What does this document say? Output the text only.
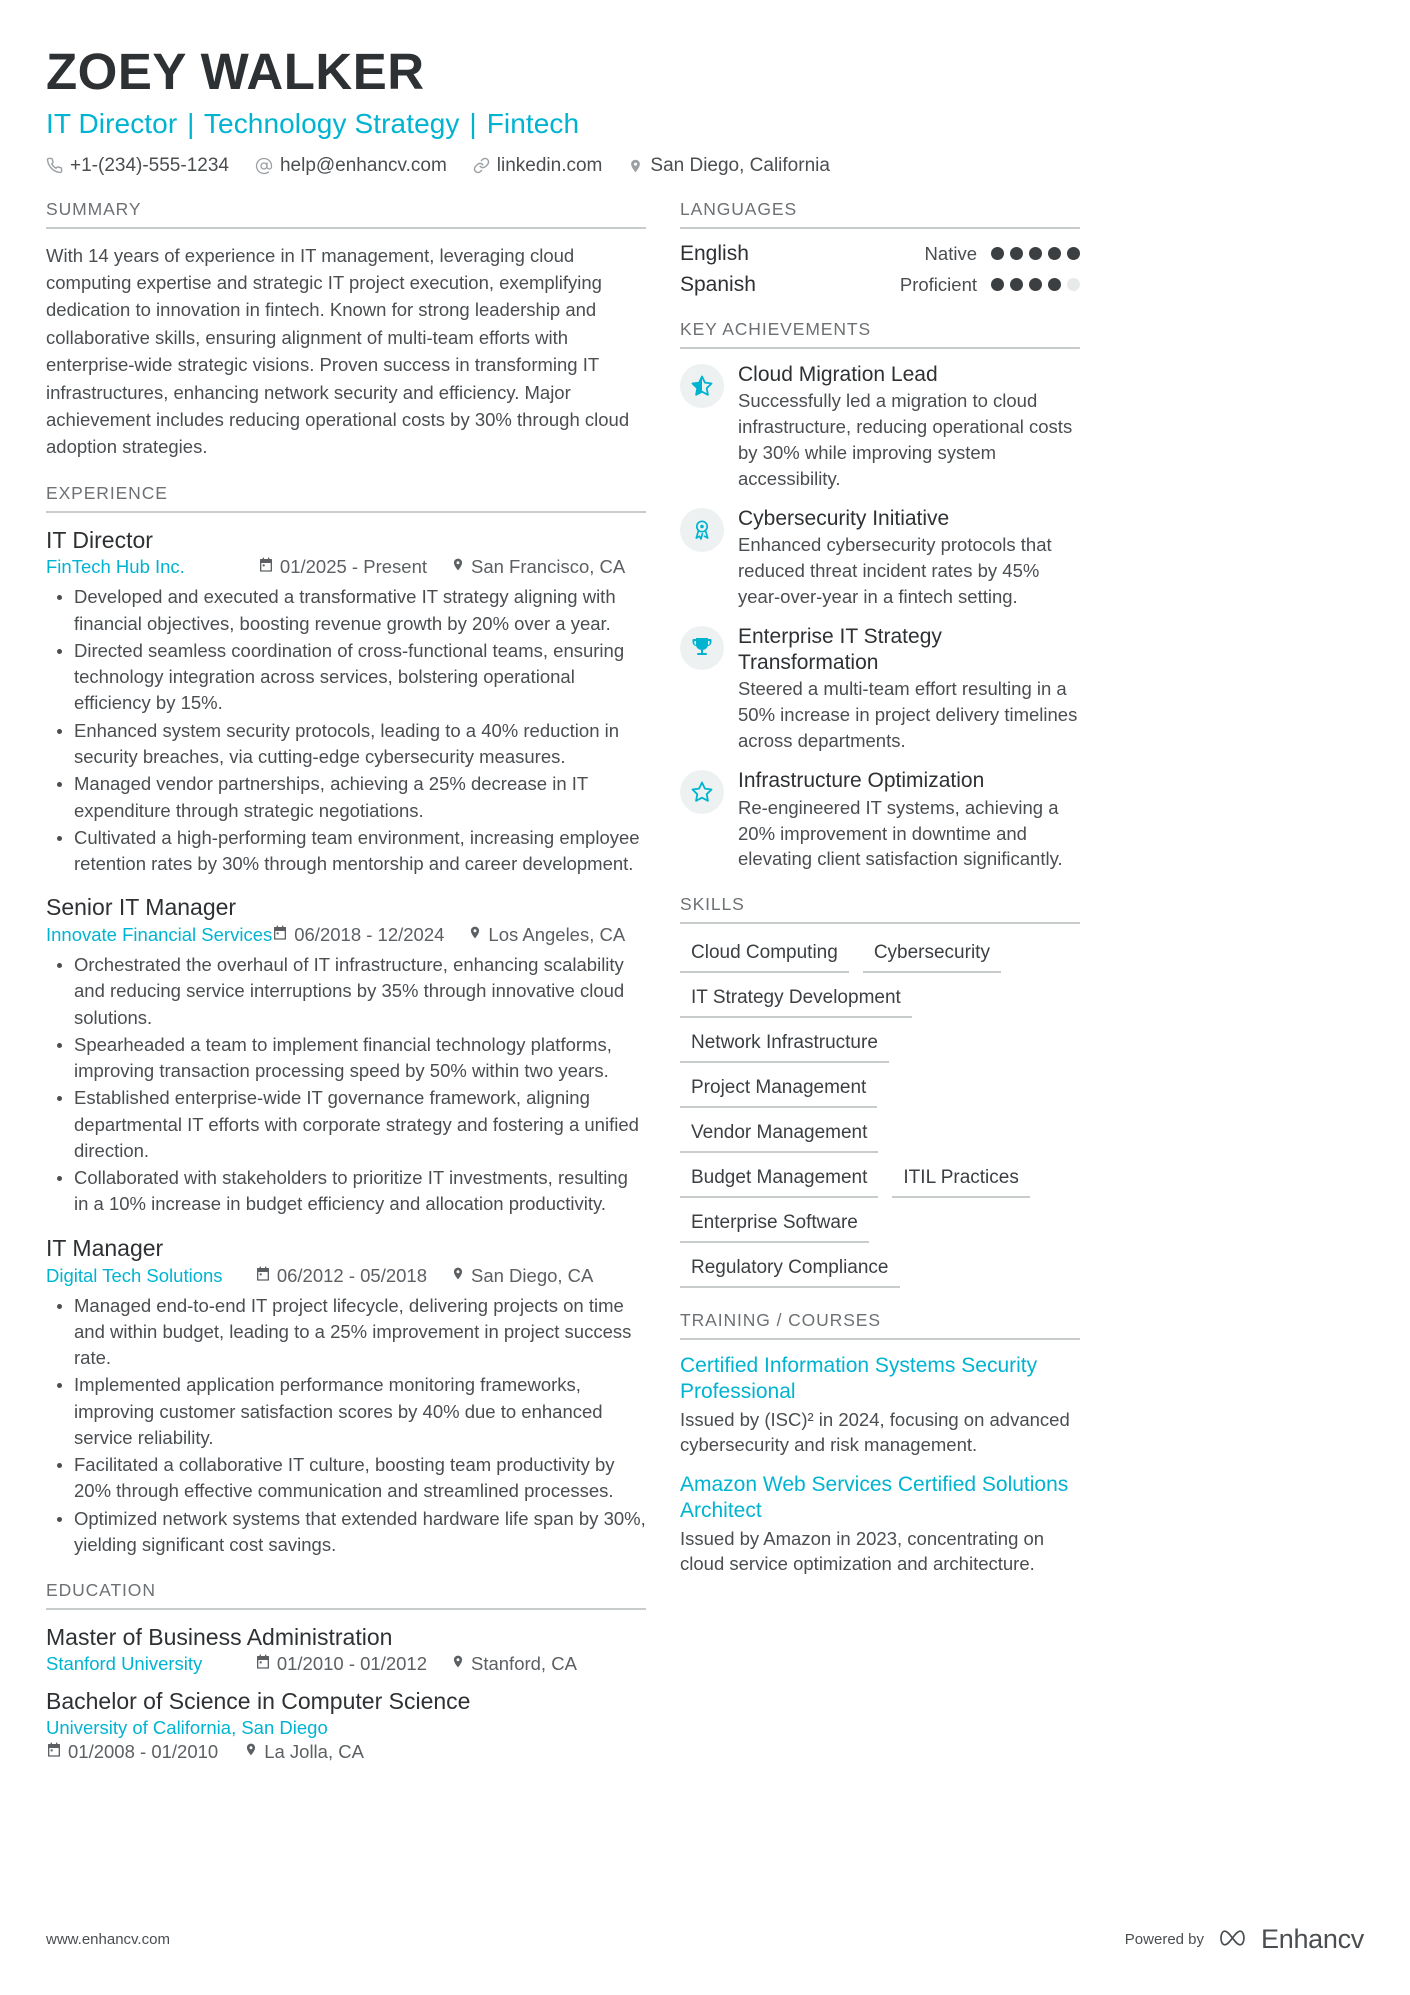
ZOEY WALKER
IT Director | Technology Strategy | Fintech
+1-(234)-555-1234	help@enhancv.com	linkedin.com	San Diego, California
SUMMARY
With 14 years of experience in IT management, leveraging cloud computing expertise and strategic IT project execution, exemplifying dedication to innovation in fintech. Known for strong leadership and collaborative skills, ensuring alignment of multi-team efforts with enterprise-wide strategic visions. Proven success in transforming IT infrastructures, enhancing network security and efficiency. Major achievement includes reducing operational costs by 30% through cloud adoption strategies.
EXPERIENCE
IT Director
FinTech Hub Inc.	01/2025 - Present San Francisco, CA
Developed and executed a transformative IT strategy aligning with financial objectives, boosting revenue growth by 20% over a year.
Directed seamless coordination of cross-functional teams, ensuring technology integration across services, bolstering operational efficiency by 15%.
Enhanced system security protocols, leading to a 40% reduction in security breaches, via cutting-edge cybersecurity measures.
Managed vendor partnerships, achieving a 25% decrease in IT expenditure through strategic negotiations.
Cultivated a high-performing team environment, increasing employee retention rates by 30% through mentorship and career development.
Senior IT Manager
Innovate Financial Services 06/2018 - 12/2024 Los Angeles, CA
Orchestrated the overhaul of IT infrastructure, enhancing scalability and reducing service interruptions by 35% through innovative cloud solutions.
Spearheaded a team to implement financial technology platforms, improving transaction processing speed by 50% within two years.
Established enterprise-wide IT governance framework, aligning departmental IT efforts with corporate strategy and fostering a unified direction.
Collaborated with stakeholders to prioritize IT investments, resulting in a 10% increase in budget efficiency and allocation productivity.
IT Manager
Digital Tech Solutions	06/2012 - 05/2018 San Diego, CA
Managed end-to-end IT project lifecycle, delivering projects on time and within budget, leading to a 25% improvement in project success rate.
Implemented application performance monitoring frameworks, improving customer satisfaction scores by 40% due to enhanced service reliability.
Facilitated a collaborative IT culture, boosting team productivity by 20% through effective communication and streamlined processes.
Optimized network systems that extended hardware life span by 30%, yielding significant cost savings.
EDUCATION
Master of Business Administration
Stanford University	01/2010 - 01/2012 Stanford, CA
Bachelor of Science in Computer Science
University of California, San Diego
01/2008 - 01/2010 La Jolla, CA
LANGUAGES
English	Native
Spanish	Proficient
KEY ACHIEVEMENTS
Cloud Migration Lead
Successfully led a migration to cloud infrastructure, reducing operational costs by 30% while improving system accessibility.
Cybersecurity Initiative
Enhanced cybersecurity protocols that reduced threat incident rates by 45% year-over-year in a fintech setting.
Enterprise IT Strategy Transformation
Steered a multi-team effort resulting in a 50% increase in project delivery timelines across departments.
Infrastructure Optimization
Re-engineered IT systems, achieving a 20% improvement in downtime and elevating client satisfaction significantly.
SKILLS
Cloud Computing	Cybersecurity
IT Strategy Development
Network Infrastructure
Project Management
Vendor Management
Budget Management	ITIL Practices
Enterprise Software
Regulatory Compliance
TRAINING / COURSES
Certified Information Systems Security Professional
Issued by (ISC)² in 2024, focusing on advanced cybersecurity and risk management.
Amazon Web Services Certified Solutions Architect
Issued by Amazon in 2023, concentrating on cloud service optimization and architecture.
www.enhancv.com	Powered by Enhancv
